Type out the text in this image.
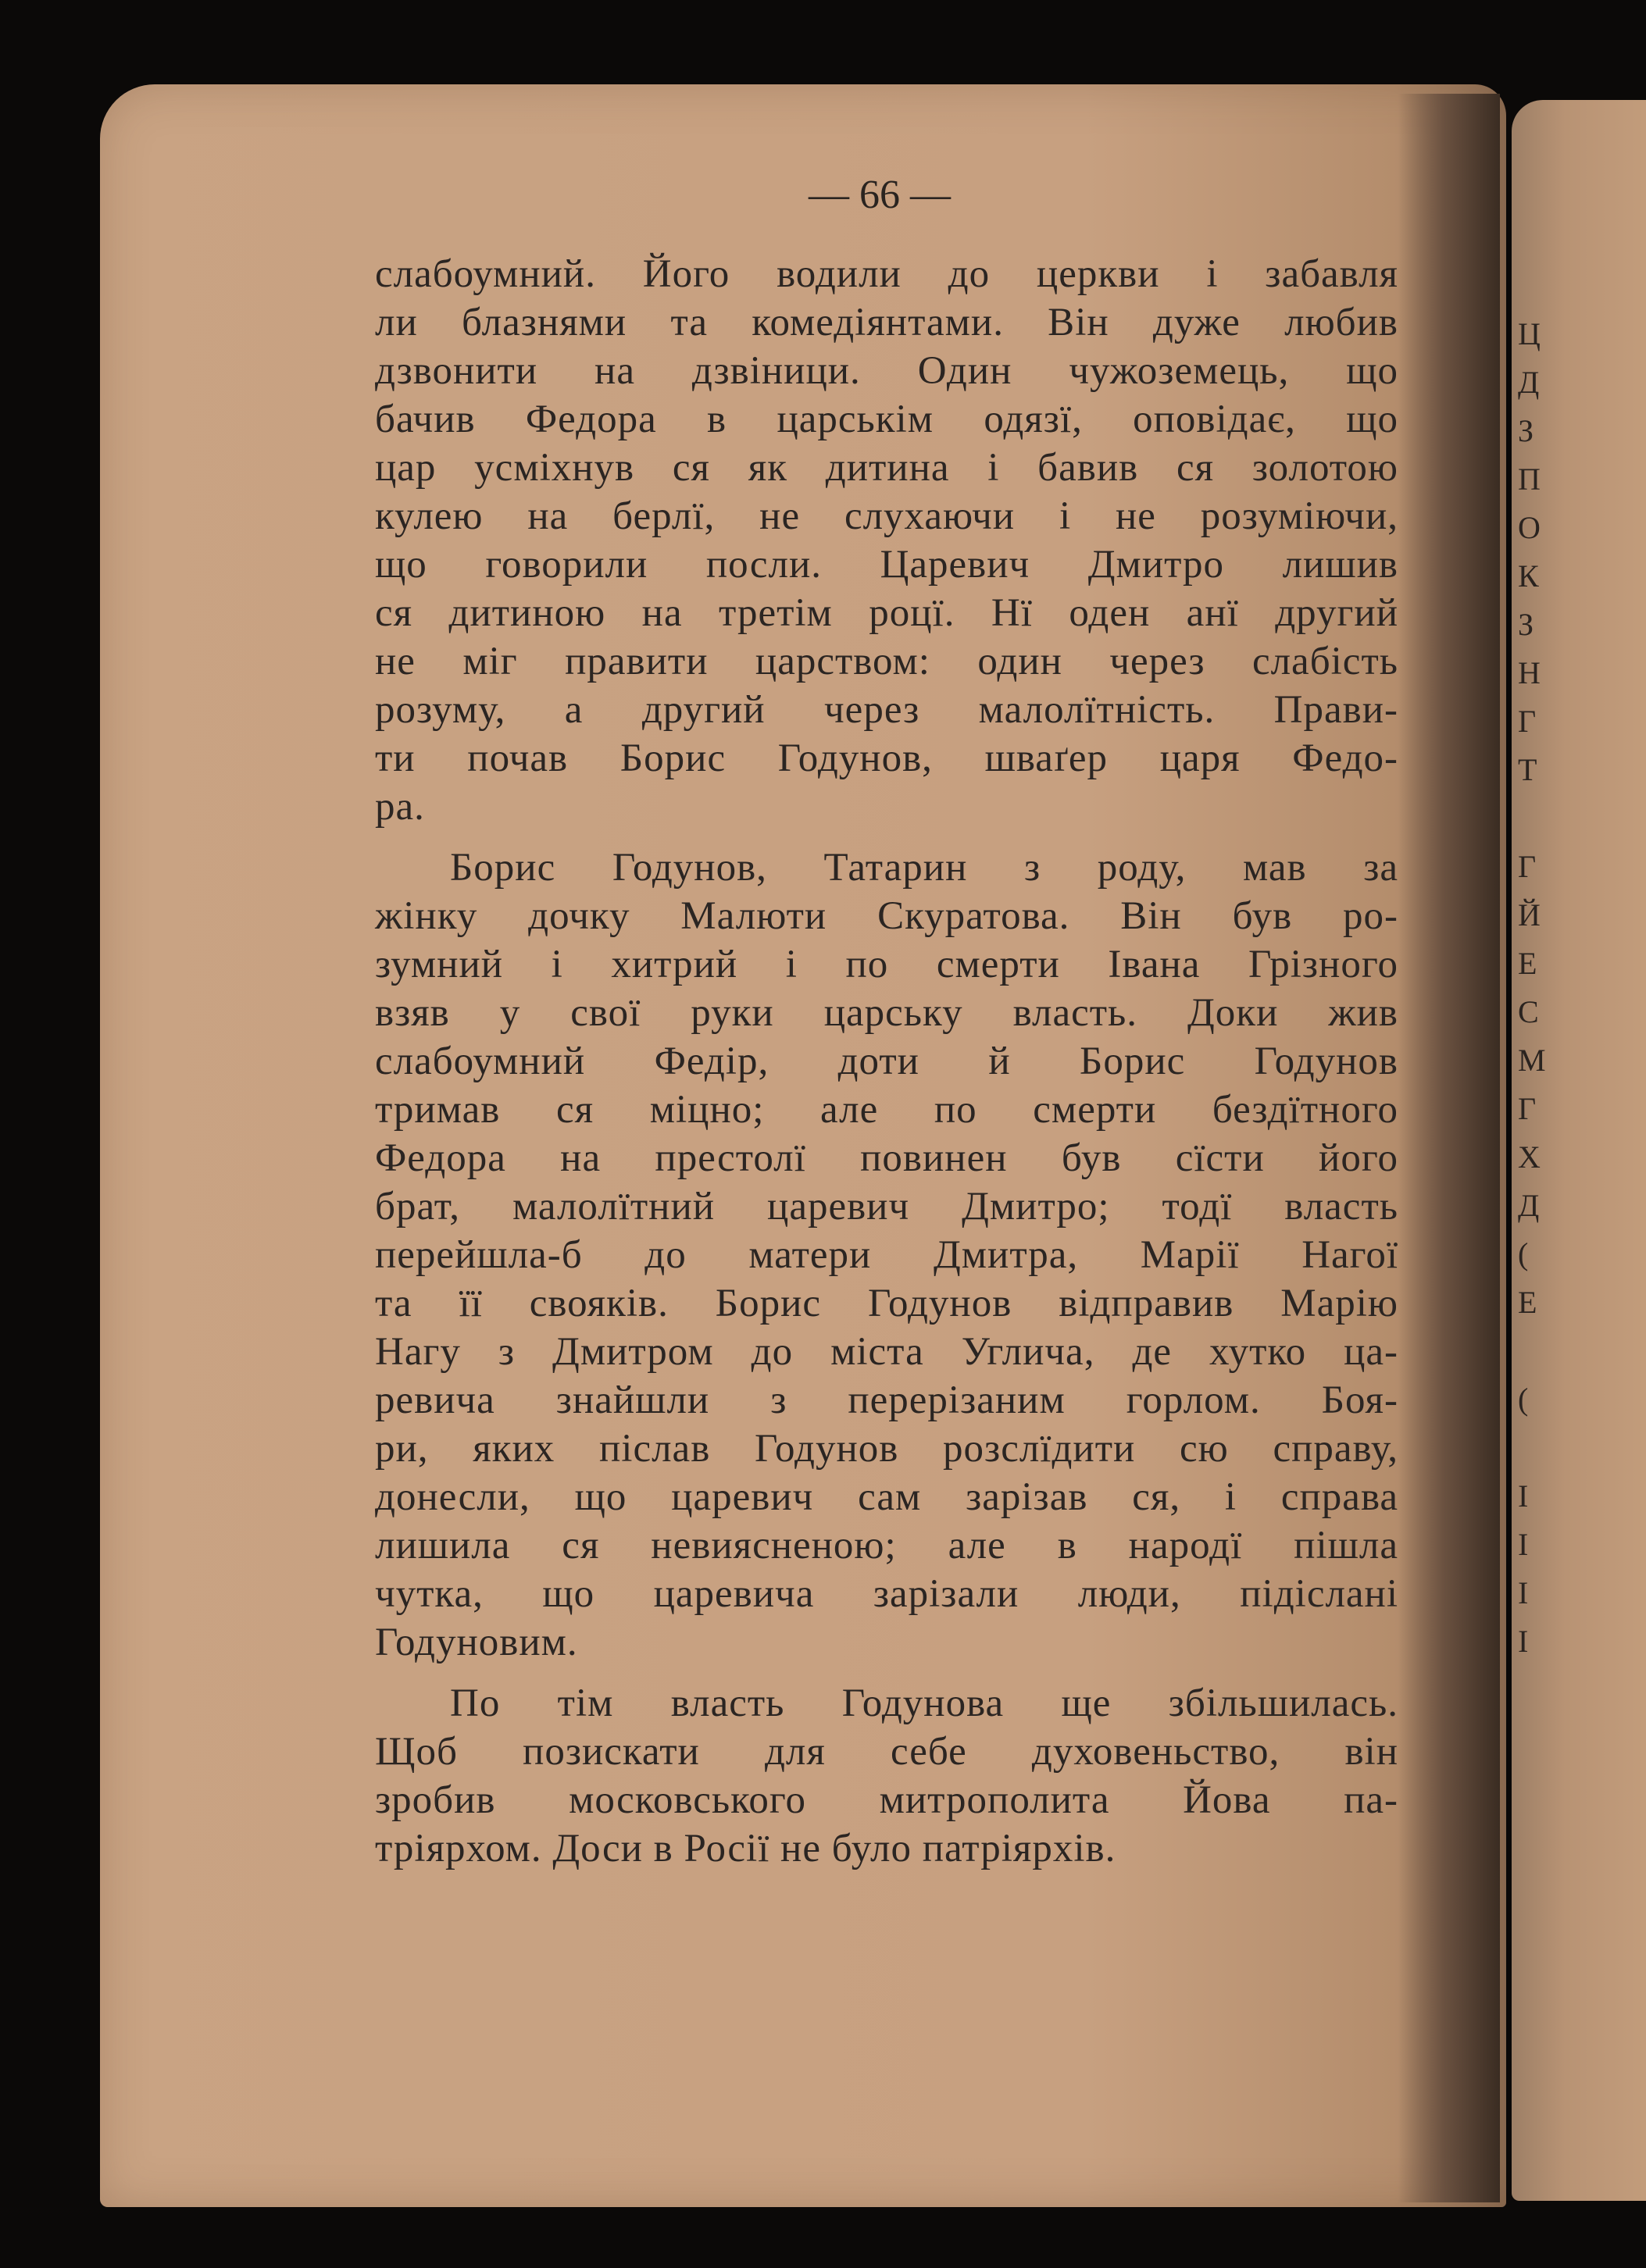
Ц
Д
З
П
О
К
З
Н
Г
Т
Г
Й
Е
С
М
Г
Х
Д
(
Е
(
І
І
І
І
— 66 —
слабоумний. Його водили до церкви і забавля
ли блазнями та комедіянтами. Він дуже любив
дзвонити на дзвіници. Один чужоземець, що
бачив Федора в царськім одязї, оповідає, що
цар усміхнув ся як дитина і бавив ся золотою
кулею на берлї, не слухаючи і не розуміючи,
що говорили посли. Царевич Дмитро лишив
ся дитиною на третім роцї. Нї оден анї другий
не міг правити царством: один через слабість
розуму, а другий через малолїтність. Прави-
ти почав Борис Годунов, шваґер царя Федо-
ра.
Борис Годунов, Татарин з роду, мав за
жінку дочку Малюти Скуратова. Він був ро-
зумний і хитрий і по смерти Івана Грізного
взяв у свої руки царську власть. Доки жив
слабоумний Федір, доти й Борис Годунов
тримав ся міцно; але по смерти бездїтного
Федора на престолї повинен був сїсти його
брат, малолїтний царевич Дмитро; тодї власть
перейшла-б до матери Дмитра, Марії Нагої
та її свояків. Борис Годунов відправив Марію
Нагу з Дмитром до міста Углича, де хутко ца-
ревича знайшли з перерізаним горлом. Боя-
ри, яких післав Годунов розслїдити сю справу,
донесли, що царевич сам зарізав ся, і справа
лишила ся невиясненою; але в народї пішла
чутка, що царевича зарізали люди, підіслані
Годуновим.
По тім власть Годунова ще збільшилась.
Щоб позискати для себе духовеньство, він
зробив московського митрополита Йова па-
тріярхом. Доси в Росії не було патріярхів.
